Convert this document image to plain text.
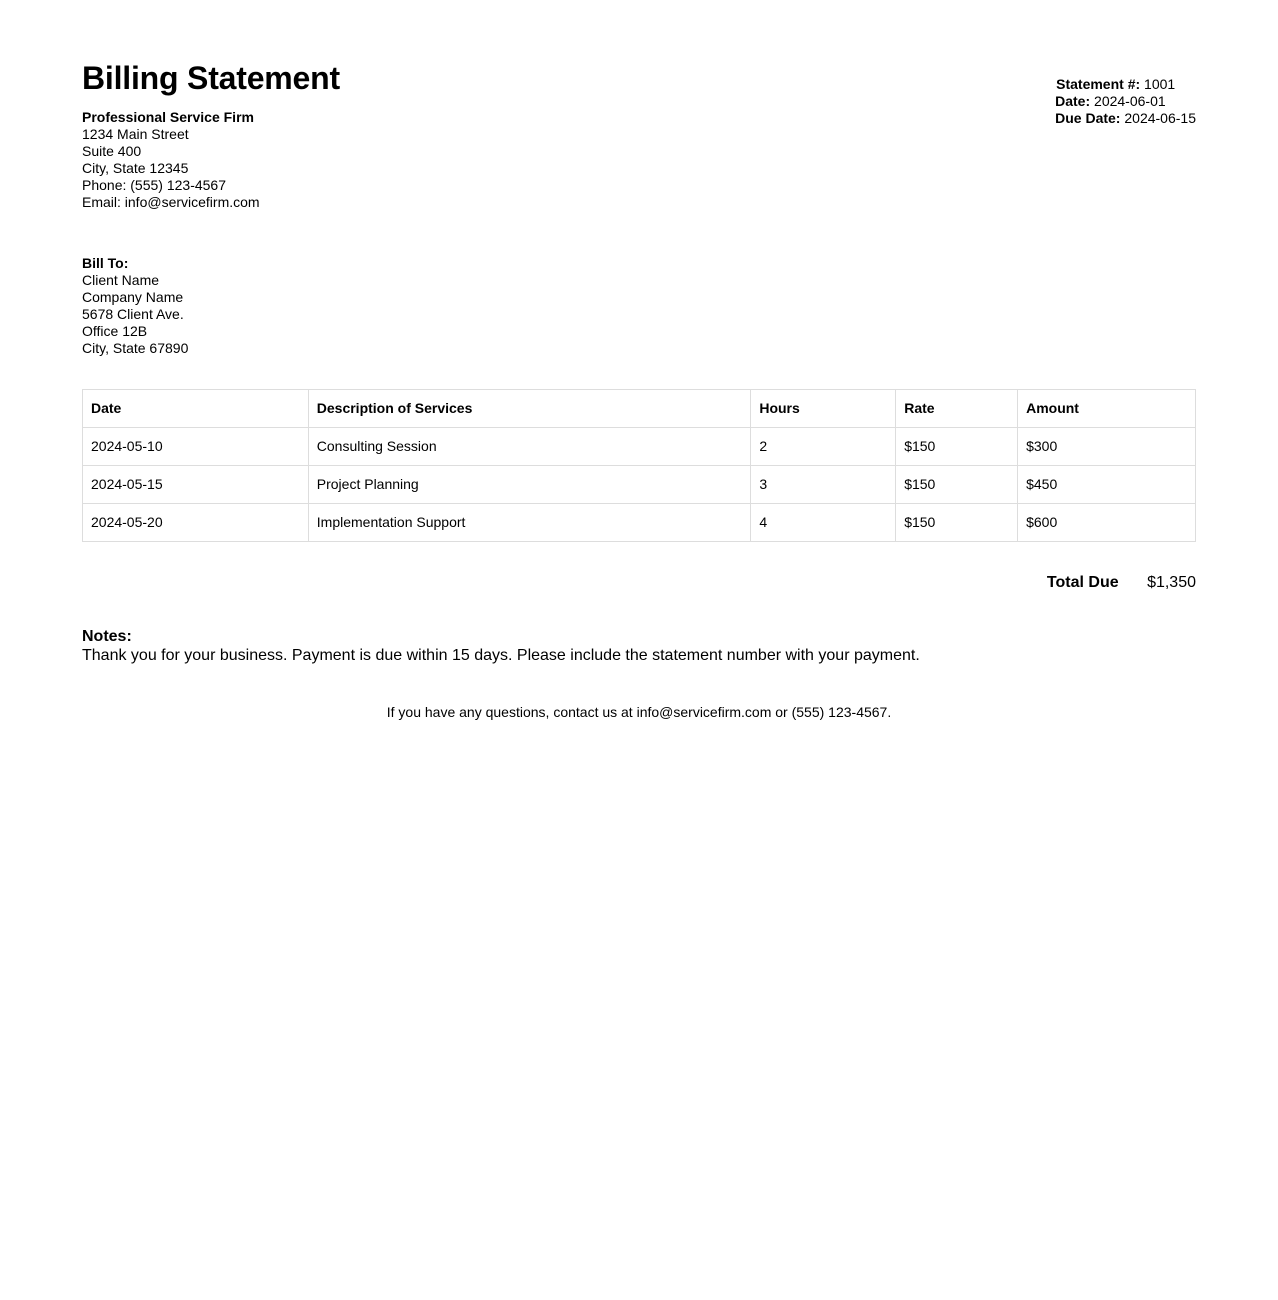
Billing Statement
Professional Service Firm
1234 Main Street
Suite 400
City, State 12345
Phone: (555) 123-4567
Email: info@servicefirm.com
Statement #: 1001
Date: 2024-06-01
Due Date: 2024-06-15
Bill To:
Client Name
Company Name
5678 Client Ave.
Office 12B
City, State 67890
Date	Description of Services	Hours	Rate	Amount
2024-05-10	Consulting Session	2	$150	$300
2024-05-15	Project Planning	3	$150	$450
2024-05-20	Implementation Support	4	$150	$600
Total Due $1,350
Notes:
Thank you for your business. Payment is due within 15 days. Please include the statement number with your payment.
If you have any questions, contact us at info@servicefirm.com or (555) 123-4567.
